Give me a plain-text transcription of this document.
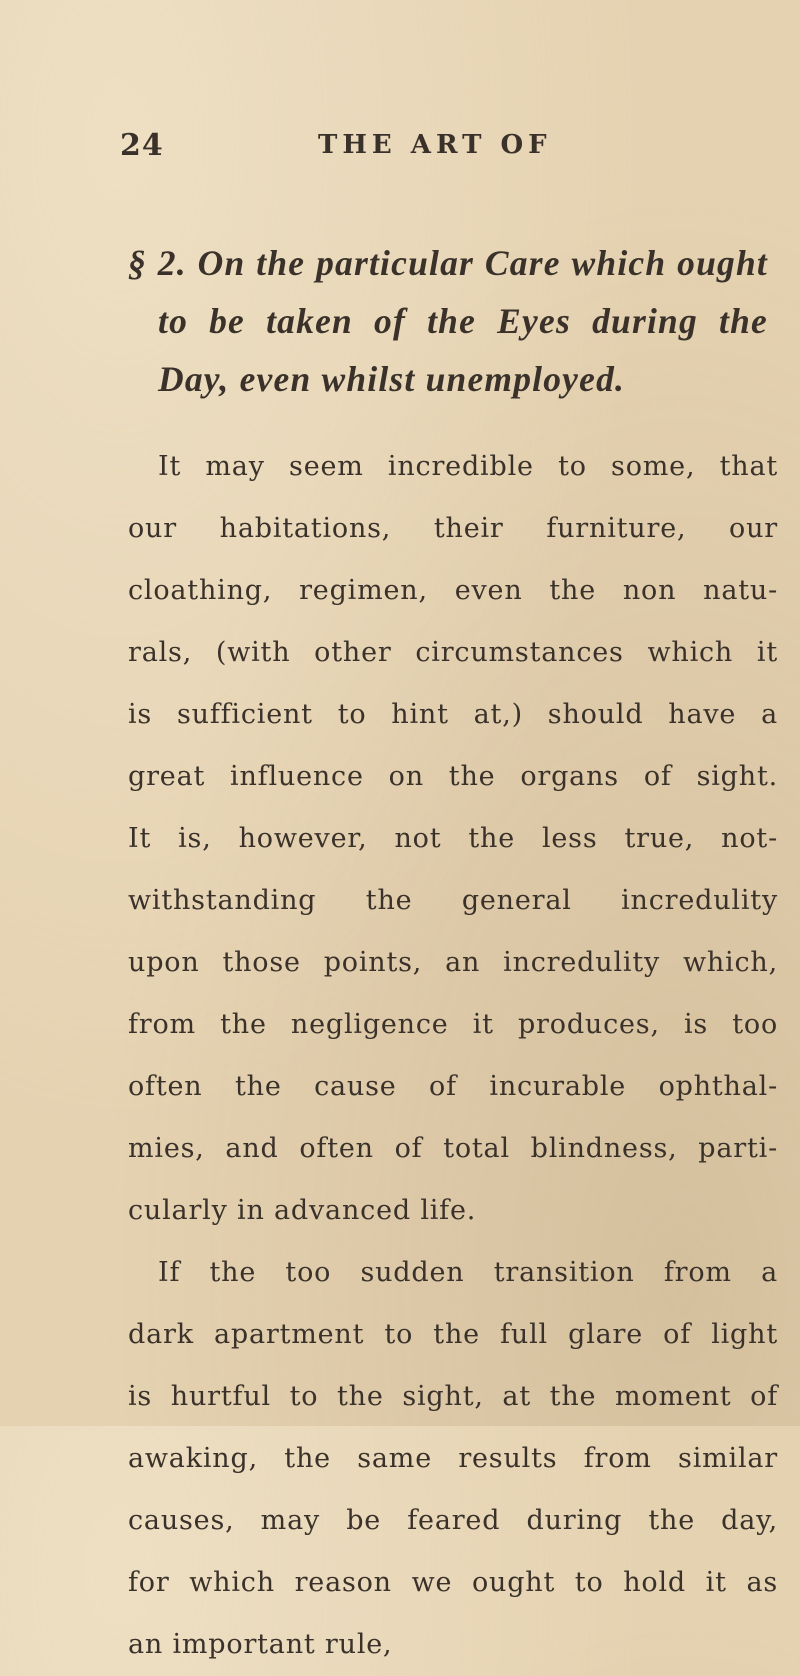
24	THE ART OF
§ 2. On the particular Care which ought
to be taken of the Eyes during the
Day, even whilst unemployed.
It may seem incredible to some, that
our habitations, their furniture, our
cloathing, regimen, even the non natu-
rals, (with other circumstances which it
is sufficient to hint at,) should have a
great influence on the organs of sight.
It is, however, not the less true, not-
withstanding the general incredulity
upon those points, an incredulity which,
from the negligence it produces, is too
often the cause of incurable ophthal-
mies, and often of total blindness, parti-
cularly in advanced life.
If the too sudden transition from a
dark apartment to the full glare of light
is hurtful to the sight, at the moment of
awaking, the same results from similar
causes, may be feared during the day,
for which reason we ought to hold it as
an important rule,
